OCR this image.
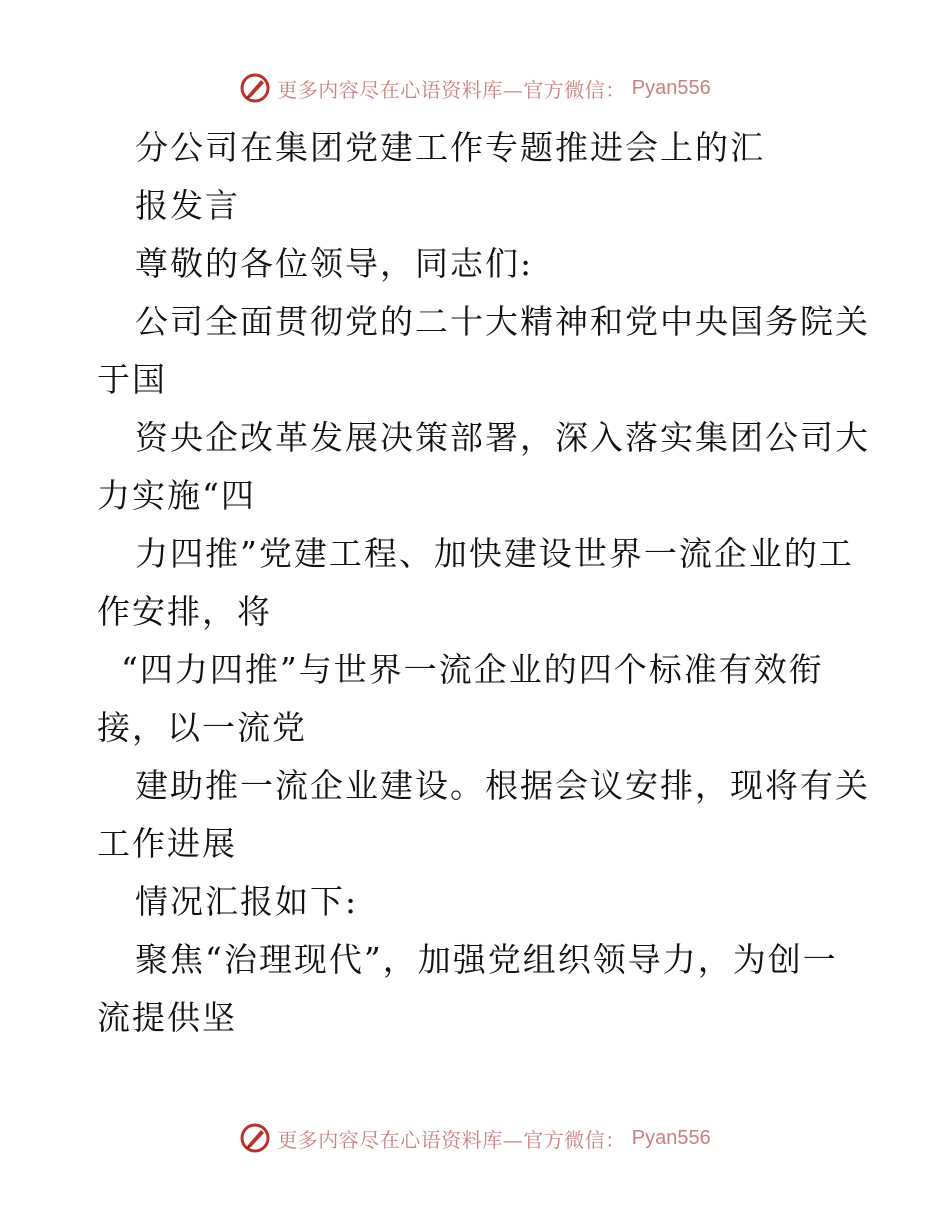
更多内容尽在心语资料库—官方微信： Pyan556
分公司在集团党建工作专题推进会上的汇
报发言
尊敬的各位领导，同志们:
公司全面贯彻党的二十大精神和党中央国务院关
于国
资央企改革发展决策部署，深入落实集团公司大
力实施“四
力四推”党建工程、加快建设世界一流企业的工
作安排，将
“四力四推”与世界一流企业的四个标准有效衔
接，以一流党
建助推一流企业建设。根据会议安排，现将有关
工作进展
情况汇报如下:
聚焦“治理现代”，加强党组织领导力，为创一
流提供坚
更多内容尽在心语资料库—官方微信： Pyan556
